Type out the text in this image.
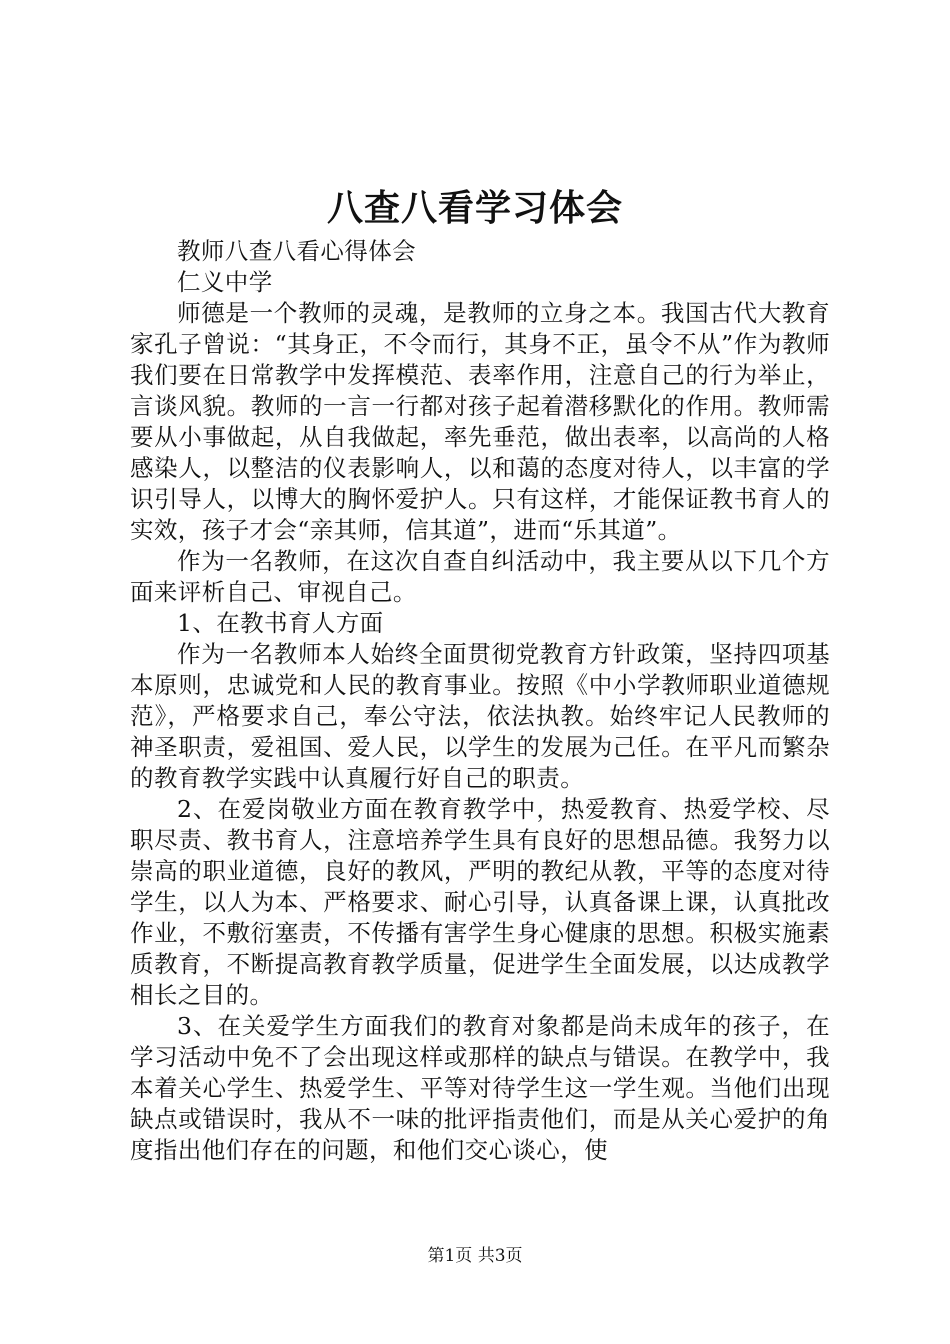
八查八看学习体会

教师八查八看心得体会

仁义中学

师德是一个教师的灵魂，是教师的立身之本。我国古代大教育家孔子曾说：“其身正，不令而行，其身不正，虽令不从”作为教师我们要在日常教学中发挥模范、表率作用，注意自己的行为举止，言谈风貌。教师的一言一行都对孩子起着潜移默化的作用。教师需要从小事做起，从自我做起，率先垂范，做出表率，以高尚的人格感染人，以整洁的仪表影响人，以和蔼的态度对待人，以丰富的学识引导人，以博大的胸怀爱护人。只有这样，才能保证教书育人的实效，孩子才会“亲其师，信其道”，进而“乐其道”。

作为一名教师，在这次自查自纠活动中，我主要从以下几个方面来评析自己、审视自己。

1、在教书育人方面

作为一名教师本人始终全面贯彻党教育方针政策，坚持四项基本原则，忠诚党和人民的教育事业。按照《中小学教师职业道德规范》，严格要求自己，奉公守法，依法执教。始终牢记人民教师的神圣职责，爱祖国、爱人民，以学生的发展为己任。在平凡而繁杂的教育教学实践中认真履行好自己的职责。

2、在爱岗敬业方面在教育教学中，热爱教育、热爱学校、尽职尽责、教书育人，注意培养学生具有良好的思想品德。我努力以崇高的职业道德，良好的教风，严明的教纪从教，平等的态度对待学生，以人为本、严格要求、耐心引导，认真备课上课，认真批改作业，不敷衍塞责，不传播有害学生身心健康的思想。积极实施素质教育，不断提高教育教学质量，促进学生全面发展，以达成教学相长之目的。

3、在关爱学生方面我们的教育对象都是尚未成年的孩子，在学习活动中免不了会出现这样或那样的缺点与错误。在教学中，我本着关心学生、热爱学生、平等对待学生这一学生观。当他们出现缺点或错误时，我从不一味的批评指责他们，而是从关心爱护的角度指出他们存在的问题，和他们交心谈心，使

第1页 共3页
